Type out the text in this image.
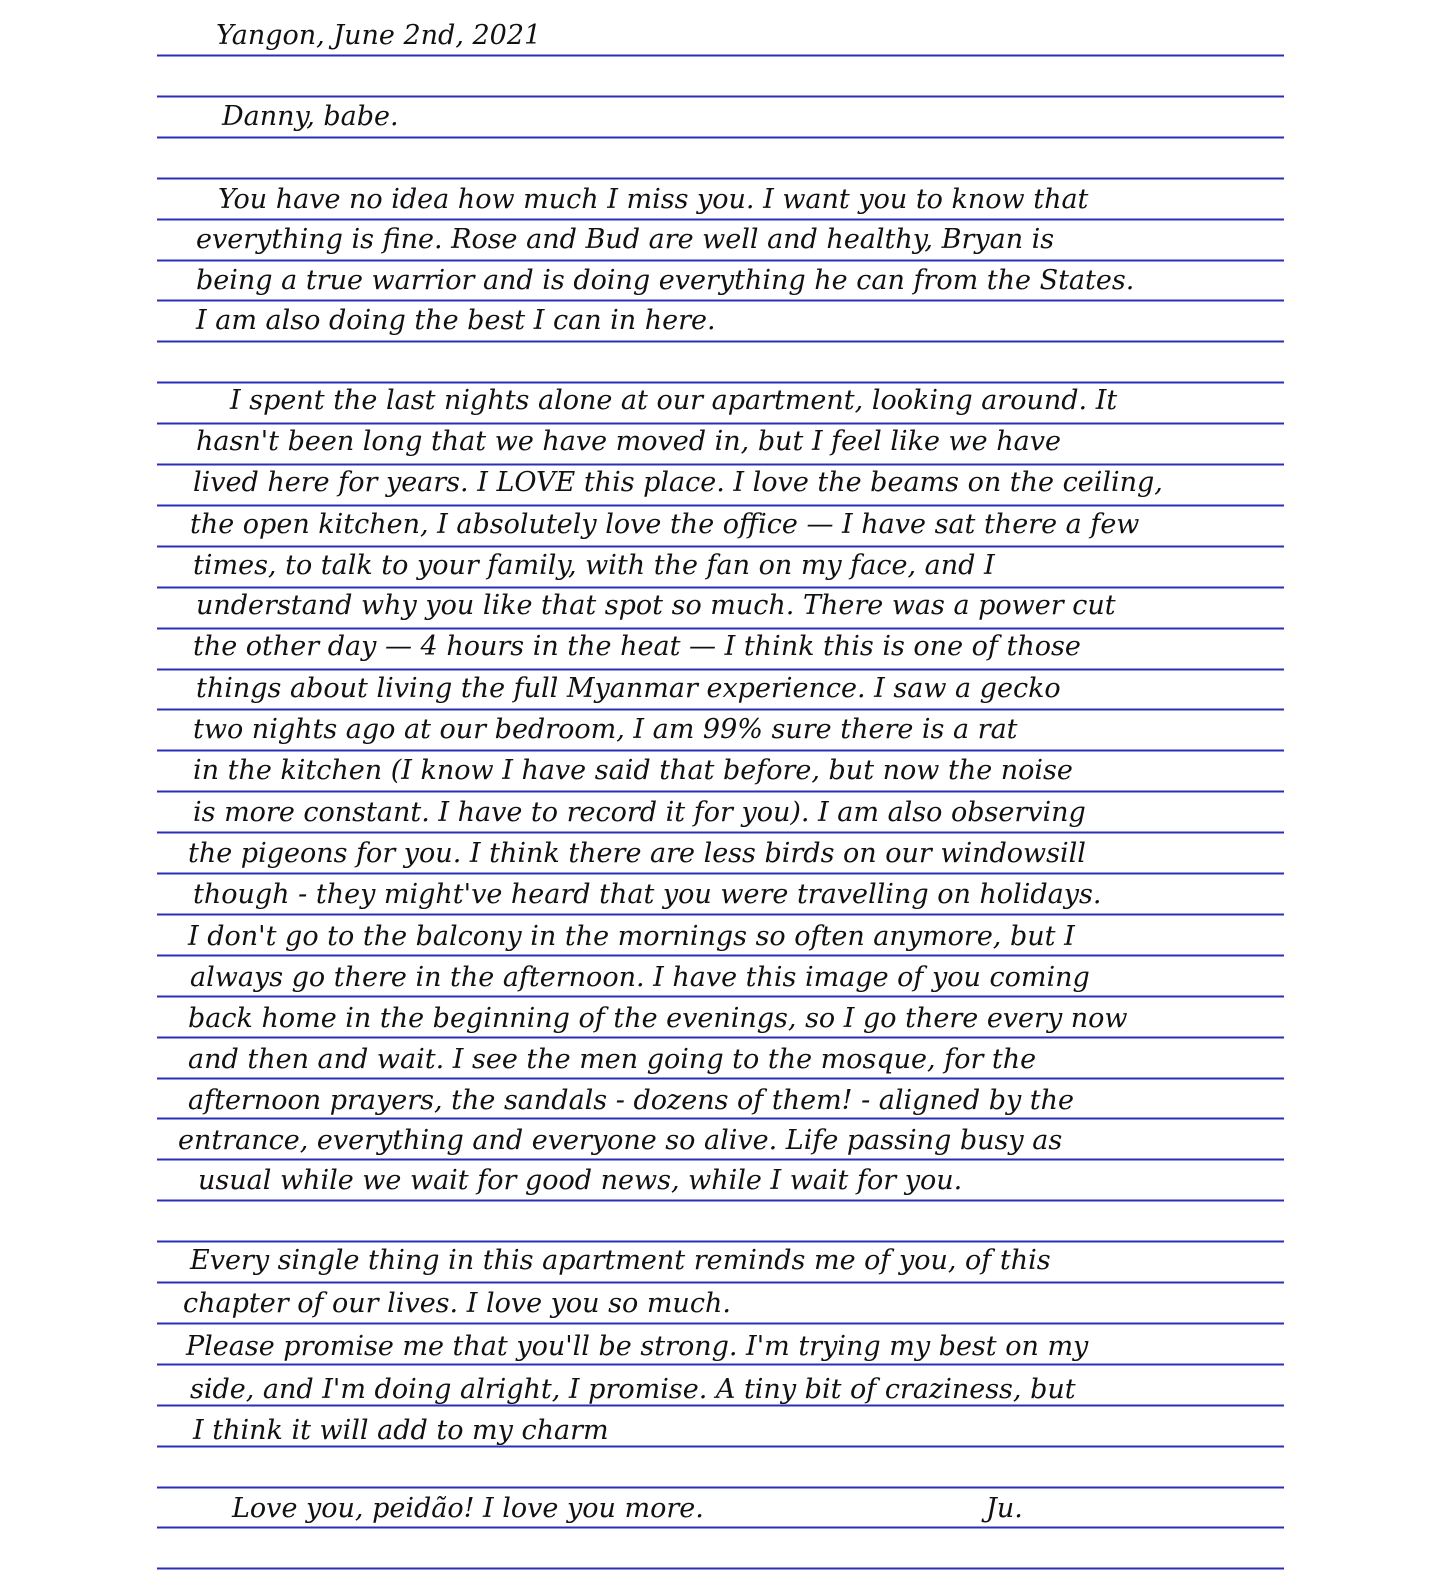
Yangon, June 2nd, 2021
Danny, babe.
You have no idea how much I miss you. I want you to know that
everything is fine. Rose and Bud are well and healthy, Bryan is
being a true warrior and is doing everything he can from the States.
I am also doing the best I can in here.
I spent the last nights alone at our apartment, looking around. It
hasn't been long that we have moved in, but I feel like we have
lived here for years. I LOVE this place. I love the beams on the ceiling,
the open kitchen, I absolutely love the office — I have sat there a few
times, to talk to your family, with the fan on my face, and I
understand why you like that spot so much. There was a power cut
the other day — 4 hours in the heat — I think this is one of those
things about living the full Myanmar experience. I saw a gecko
two nights ago at our bedroom, I am 99% sure there is a rat
in the kitchen (I know I have said that before, but now the noise
is more constant. I have to record it for you). I am also observing
the pigeons for you. I think there are less birds on our windowsill
though - they might've heard that you were travelling on holidays.
I don't go to the balcony in the mornings so often anymore, but I
always go there in the afternoon. I have this image of you coming
back home in the beginning of the evenings, so I go there every now
and then and wait. I see the men going to the mosque, for the
afternoon prayers, the sandals - dozens of them! - aligned by the
entrance, everything and everyone so alive. Life passing busy as
usual while we wait for good news, while I wait for you.
Every single thing in this apartment reminds me of you, of this
chapter of our lives. I love you so much.
Please promise me that you'll be strong. I'm trying my best on my
side, and I'm doing alright, I promise. A tiny bit of craziness, but
I think it will add to my charm
Love you, peidão! I love you more.	Ju.
